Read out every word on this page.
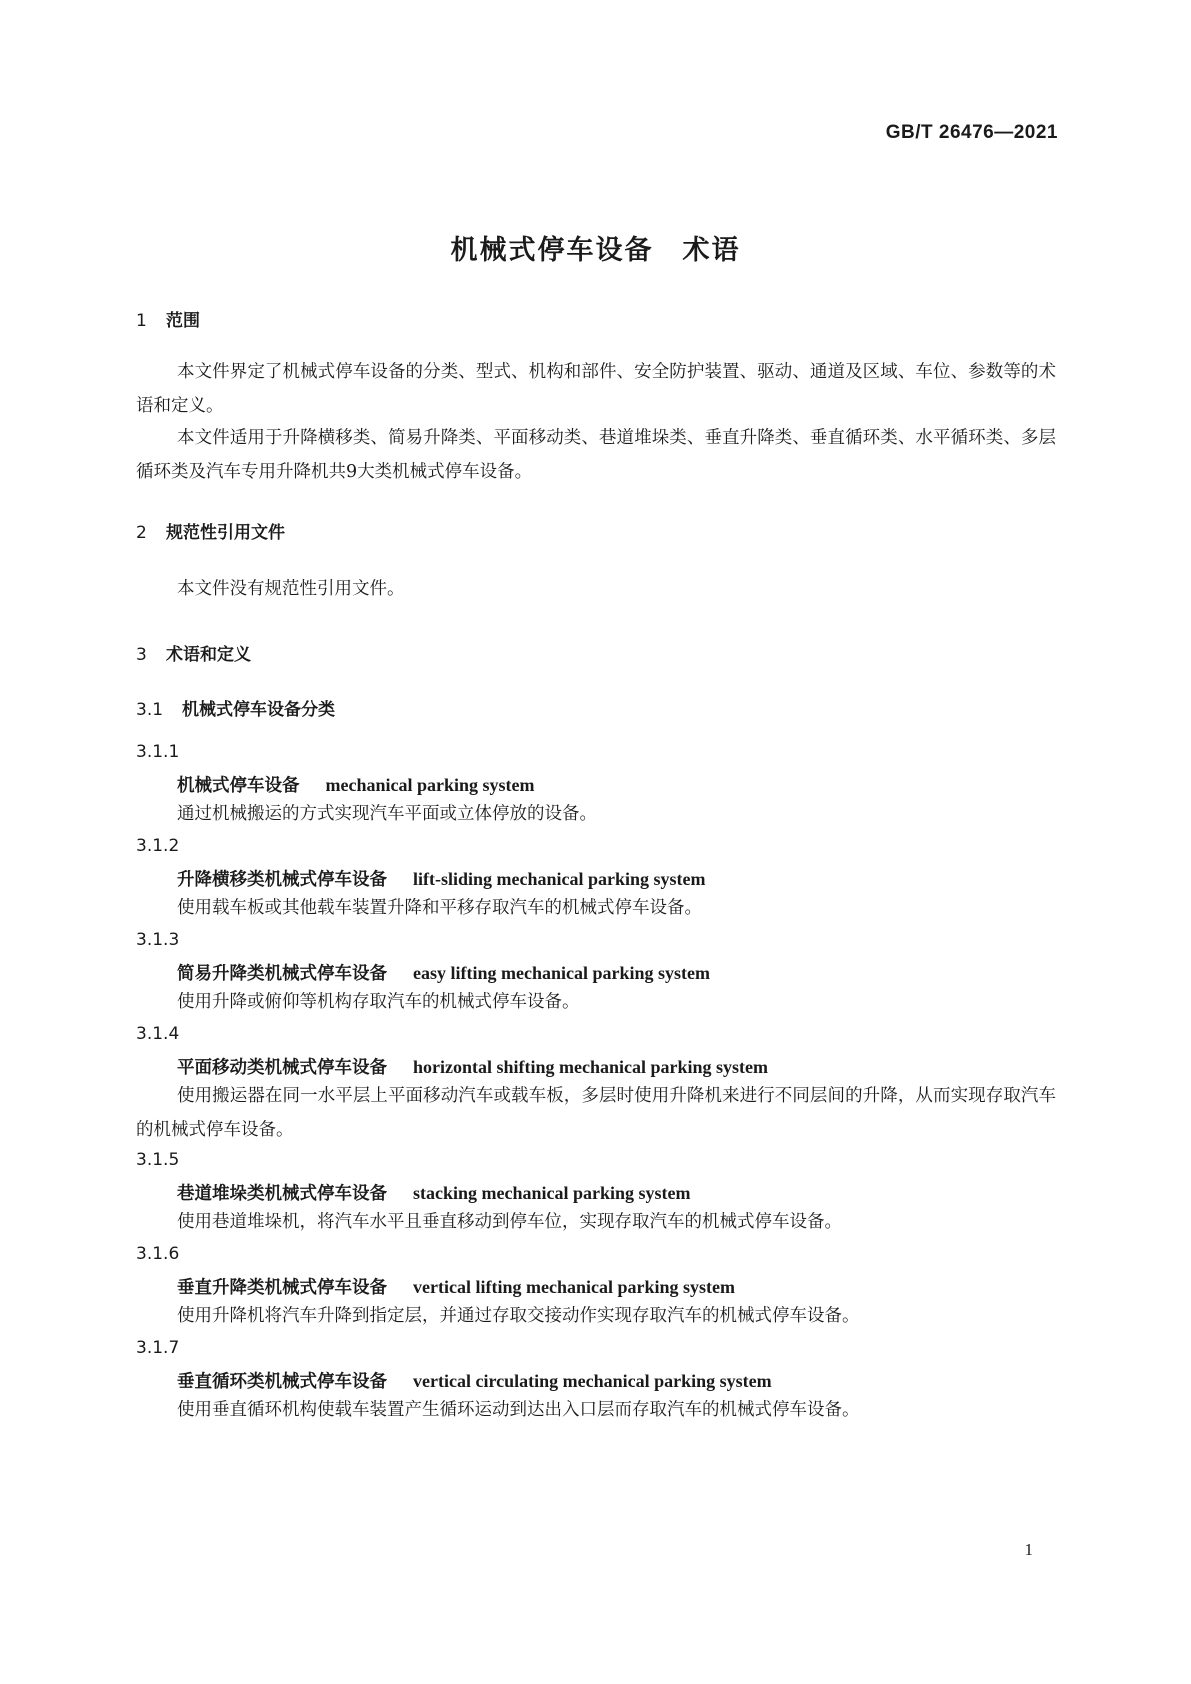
GB/T 26476—2021
机械式停车设备　术语
1 范围

本文件界定了机械式停车设备的分类、型式、机构和部件、安全防护装置、驱动、通道及区域、车位、参数等的术语和定义。

本文件适用于升降横移类、简易升降类、平面移动类、巷道堆垛类、垂直升降类、垂直循环类、水平循环类、多层循环类及汽车专用升降机共9大类机械式停车设备。

2 规范性引用文件

本文件没有规范性引用文件。

3 术语和定义
3.1 机械式停车设备分类
3.1.1
机械式停车设备 mechanical parking system

通过机械搬运的方式实现汽车平面或立体停放的设备。

3.1.2
升降横移类机械式停车设备 lift-sliding mechanical parking system

使用载车板或其他载车装置升降和平移存取汽车的机械式停车设备。

3.1.3
简易升降类机械式停车设备 easy lifting mechanical parking system

使用升降或俯仰等机构存取汽车的机械式停车设备。

3.1.4
平面移动类机械式停车设备 horizontal shifting mechanical parking system

使用搬运器在同一水平层上平面移动汽车或载车板，多层时使用升降机来进行不同层间的升降，从而实现存取汽车的机械式停车设备。

3.1.5
巷道堆垛类机械式停车设备 stacking mechanical parking system

使用巷道堆垛机，将汽车水平且垂直移动到停车位，实现存取汽车的机械式停车设备。

3.1.6
垂直升降类机械式停车设备 vertical lifting mechanical parking system

使用升降机将汽车升降到指定层，并通过存取交接动作实现存取汽车的机械式停车设备。

3.1.7
垂直循环类机械式停车设备 vertical circulating mechanical parking system

使用垂直循环机构使载车装置产生循环运动到达出入口层而存取汽车的机械式停车设备。

1
